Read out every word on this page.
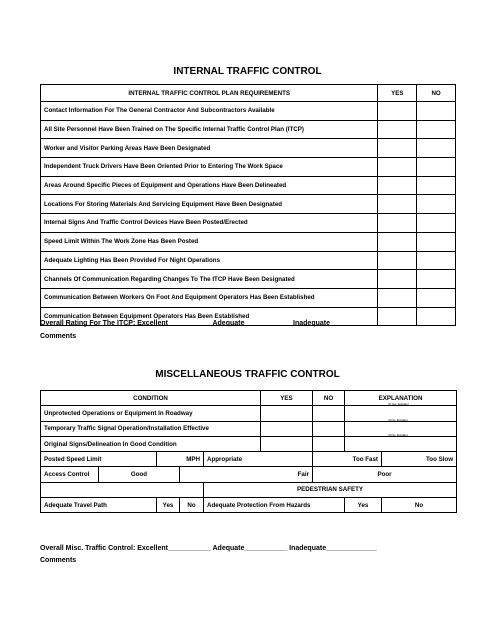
INTERNAL TRAFFIC CONTROL
INTERNAL TRAFFIC CONTROL PLAN REQUIREMENTS	YES	NO
Contact Information For The General Contractor And Subcontractors Available		
All Site Personnel Have Been Trained on The Specific Internal Traffic Control Plan (ITCP)		
Worker and Visitor Parking Areas Have Been Designated		
Independent Truck Drivers Have Been Oriented Prior to Entering The Work Space		
Areas Around Specific Pieces of Equipment and Operations Have Been Delineated		
Locations For Storing Materials And Servicing Equipment Have Been Designated		
Internal Signs And Traffic Control Devices Have Been Posted/Erected		
Speed Limit Within The Work Zone Has Been Posted		
Adequate Lighting Has Been Provided For Night Operations		
Channels Of Communication Regarding Changes To The ITCP Have Been Designated		
Communication Between Workers On Foot And Equipment Operators Has Been Established		
Communication Between Equipment Operators Has Been Established		
Overall Rating For The ITCP: Excellent___________ Adequate____________ Inadequate_____________
Comments
MISCELLANEOUS TRAFFIC CONTROL
CONDITION					YES	NO	EXPLANATION	
Unprotected Operations or Equipment In Roadway							(If Yes, Explain)	

Temporary Traffic Signal Operation/Installation Effective							(If No, Explain)	

Original Signs/Delineation In Good Condition							(If No, Explain)	

Posted Speed Limit		MPH		Appropriate		Too Fast		Too Slow
Access Control	Good		Fair			Poor		
				PEDESTRIAN SAFETY				
Adequate Travel Path		Yes	No	Adequate Protection From Hazards			Yes	No
Overall Misc. Traffic Control: Excellent___________ Adequate___________ Inadequate_____________
Comments
